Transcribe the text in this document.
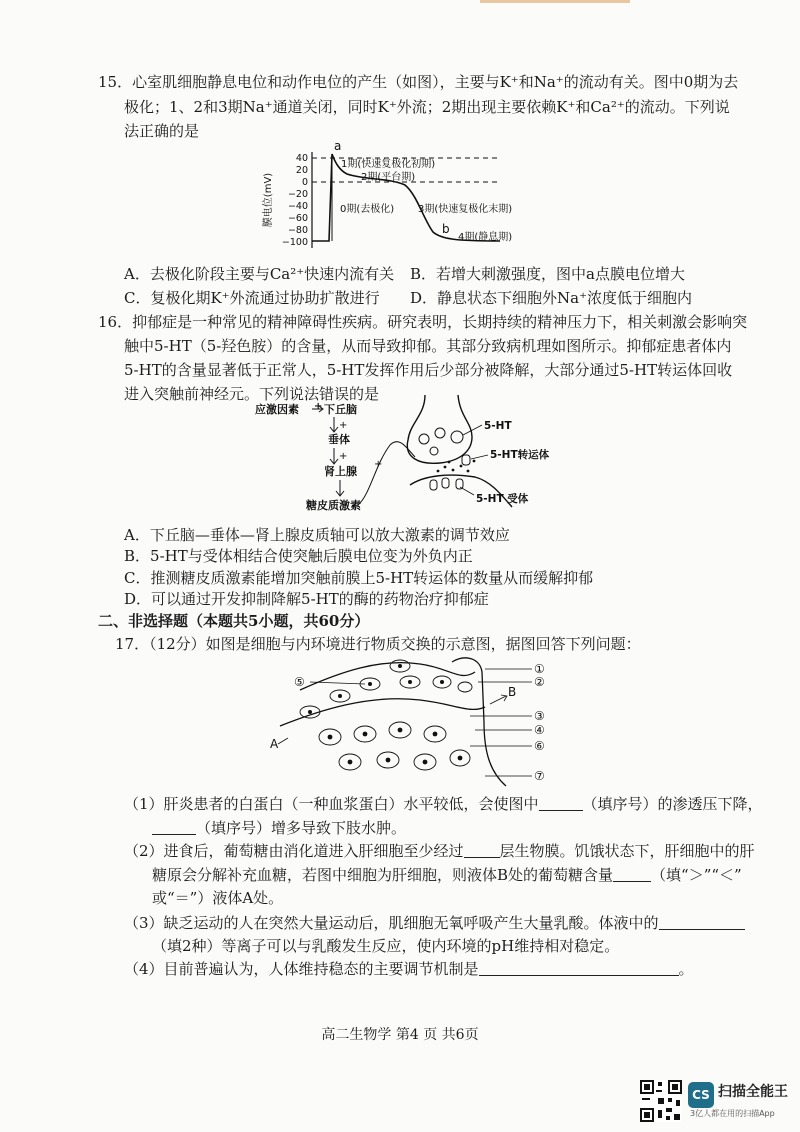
15．心室肌细胞静息电位和动作电位的产生（如图），主要与K⁺和Na⁺的流动有关。图中0期为去
极化；1、2和3期Na⁺通道关闭，同时K⁺外流；2期出现主要依赖K⁺和Ca²⁺的流动。下列说
法正确的是
膜电位(mV)
40
20
0
−20
−40
−60
−80
−100
a
b
1期(快速复极化初期)
2期(平台期)
0期(去极化) 3期(快速复极化末期)
4期(静息期)
A．去极化阶段主要与Ca²⁺快速内流有关 B．若增大刺激强度，图中a点膜电位增大
C．复极化期K⁺外流通过协助扩散进行 D．静息状态下细胞外Na⁺浓度低于细胞内
16．抑郁症是一种常见的精神障碍性疾病。研究表明，长期持续的精神压力下，相关刺激会影响突
触中5-HT（5-羟色胺）的含量，从而导致抑郁。其部分致病机理如图所示。抑郁症患者体内
5-HT的含量显著低于正常人，5-HT发挥作用后少部分被降解，大部分通过5-HT转运体回收
进入突触前神经元。下列说法错误的是
应激因素 + 下丘脑
垂体
肾上腺
糖皮质激素
+
+
+
5-HT
5-HT转运体
5-HT 受体
A．下丘脑—垂体—肾上腺皮质轴可以放大激素的调节效应
B．5-HT与受体相结合使突触后膜电位变为外负内正
C．推测糖皮质激素能增加突触前膜上5-HT转运体的数量从而缓解抑郁
D．可以通过开发抑制降解5-HT的酶的药物治疗抑郁症
二、非选择题（本题共5小题，共60分）
17．（12分）如图是细胞与内环境进行物质交换的示意图，据图回答下列问题：
①
②
③
④
⑤
⑥
⑦
B
A
（1）肝炎患者的白蛋白（一种血浆蛋白）水平较低，会使图中	（填序号）的渗透压下降，
（填序号）增多导致下肢水肿。
（2）进食后，葡萄糖由消化道进入肝细胞至少经过 层生物膜。饥饿状态下，肝细胞中的肝
糖原会分解补充血糖，若图中细胞为肝细胞，则液体B处的葡萄糖含量	（填“＞”“＜”
或“＝”）液体A处。
（3）缺乏运动的人在突然大量运动后，肌细胞无氧呼吸产生大量乳酸。体液中的
（填2种）等离子可以与乳酸发生反应，使内环境的pH维持相对稳定。
（4）目前普遍认为，人体维持稳态的主要调节机制是	。
高二生物学 第4 页 共6页
CS 扫描全能王
3亿人都在用的扫描App
